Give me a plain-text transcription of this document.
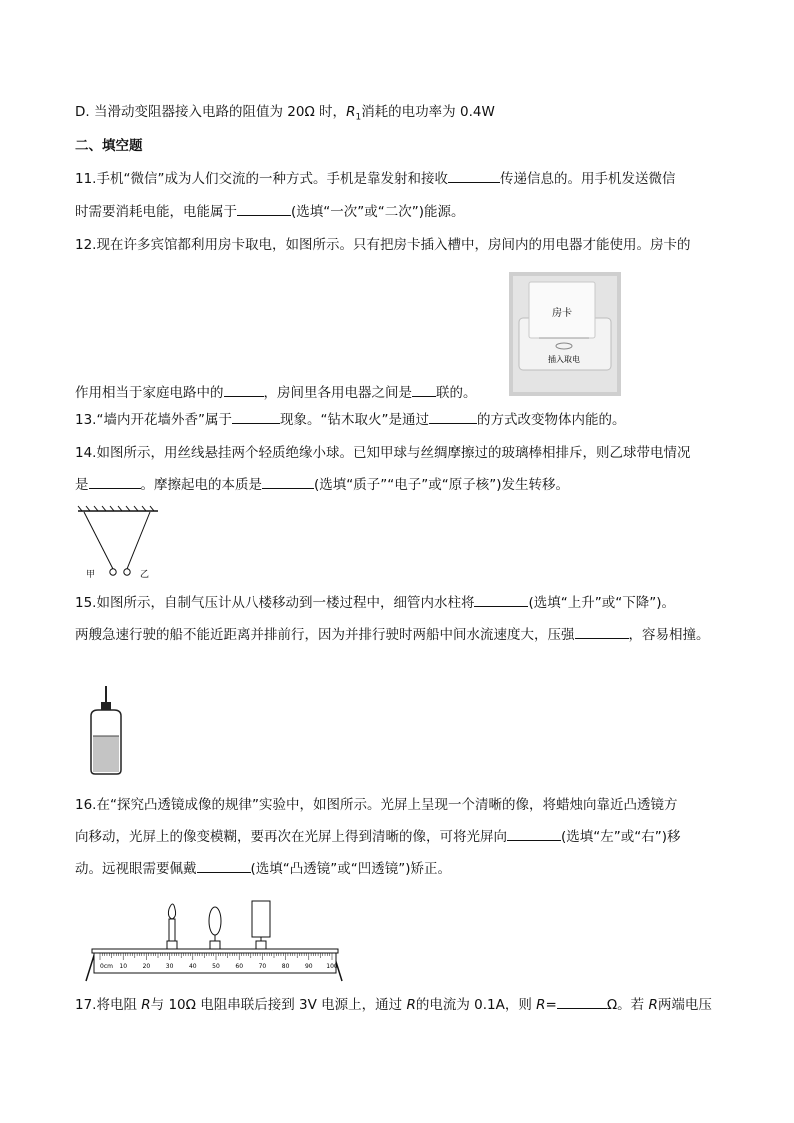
D. 当滑动变阻器接入电路的阻值为 20Ω 时，$R_1$消耗的电功率为 0.4W
二、填空题
11.手机“微信”成为人们交流的一种方式。手机是靠发射和接收	传递信息的。用手机发送微信
时需要消耗电能，电能属于	(选填“一次”或“二次”)能源。
12.现在许多宾馆都利用房卡取电，如图所示。只有把房卡插入槽中，房间内的用电器才能使用。房卡的
房卡
插入取电
作用相当于家庭电路中的	，房间里各用电器之间是 联的。
13.“墙内开花墙外香”属于	现象。“钻木取火”是通过	的方式改变物体内能的。
14.如图所示，用丝线悬挂两个轻质绝缘小球。已知甲球与丝绸摩擦过的玻璃棒相排斥，则乙球带电情况
是	。摩擦起电的本质是	(选填“质子”“电子”或“原子核”)发生转移。
甲	乙
15.如图所示，自制气压计从八楼移动到一楼过程中，细管内水柱将	(选填“上升”或“下降”)。
两艘急速行驶的船不能近距离并排前行，因为并排行驶时两船中间水流速度大，压强	，容易相撞。
16.在“探究凸透镜成像的规律”实验中，如图所示。光屏上呈现一个清晰的像，将蜡烛向靠近凸透镜方
向移动，光屏上的像变模糊，要再次在光屏上得到清晰的像，可将光屏向	(选填“左”或“右”)移
动。远视眼需要佩戴	(选填“凸透镜”或“凹透镜”)矫正。
10	20	30	40	50	60	70	80	90 100
0cm
17.将电阻 R与 10Ω 电阻串联后接到 3V 电源上，通过 R的电流为 0.1A，则 R=	Ω。若 R两端电压
